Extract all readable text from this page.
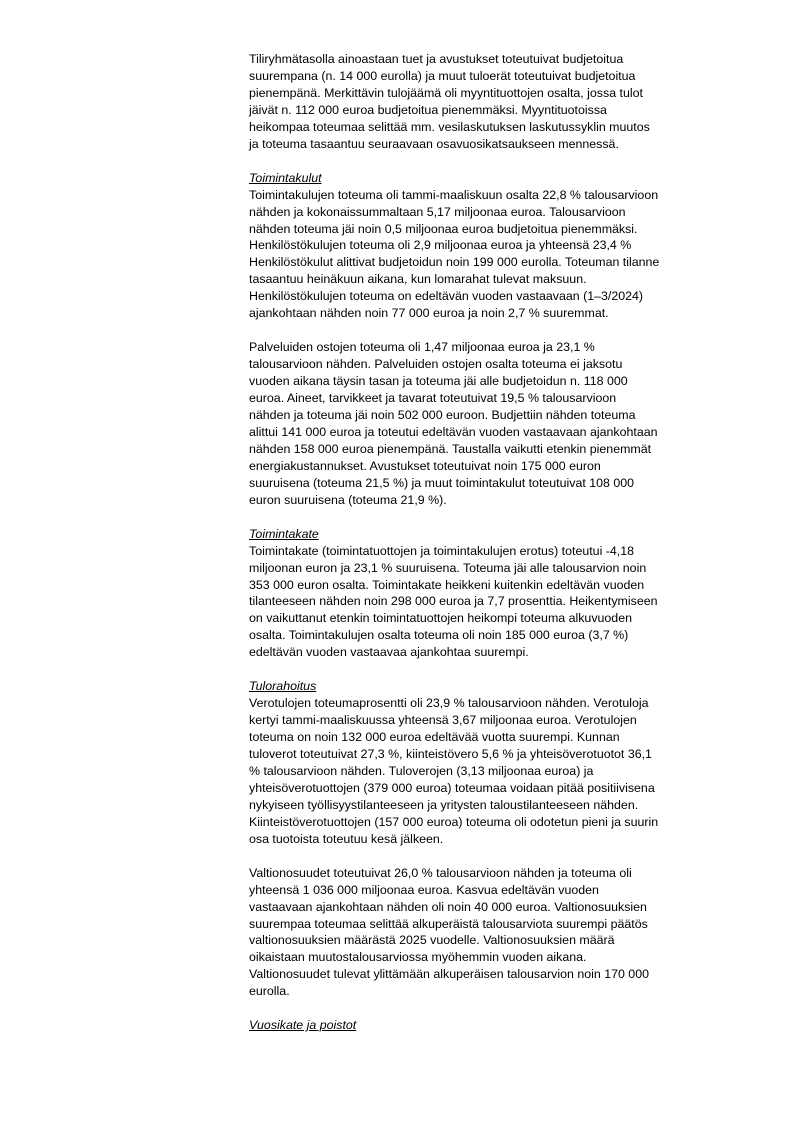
Tiliryhmätasolla ainoastaan tuet ja avustukset toteutuivat budjetoitua
suurempana (n. 14 000 eurolla) ja muut tuloerät toteutuivat budjetoitua
pienempänä. Merkittävin tulojäämä oli myyntituottojen osalta, jossa tulot
jäivät n. 112 000 euroa budjetoitua pienemmäksi. Myyntituotoissa
heikompaa toteumaa selittää mm. vesilaskutuksen laskutussyklin muutos
ja toteuma tasaantuu seuraavaan osavuosikatsaukseen mennessä.
Toimintakulut
Toimintakulujen toteuma oli tammi-maaliskuun osalta 22,8 % talousarvioon
nähden ja kokonaissummaltaan 5,17 miljoonaa euroa. Talousarvioon
nähden toteuma jäi noin 0,5 miljoonaa euroa budjetoitua pienemmäksi.
Henkilöstökulujen toteuma oli 2,9 miljoonaa euroa ja yhteensä 23,4 %
Henkilöstökulut alittivat budjetoidun noin 199 000 eurolla. Toteuman tilanne
tasaantuu heinäkuun aikana, kun lomarahat tulevat maksuun.
Henkilöstökulujen toteuma on edeltävän vuoden vastaavaan (1–3/2024)
ajankohtaan nähden noin 77 000 euroa ja noin 2,7 % suuremmat.
Palveluiden ostojen toteuma oli 1,47 miljoonaa euroa ja 23,1 %
talousarvioon nähden. Palveluiden ostojen osalta toteuma ei jaksotu
vuoden aikana täysin tasan ja toteuma jäi alle budjetoidun n. 118 000
euroa. Aineet, tarvikkeet ja tavarat toteutuivat 19,5 % talousarvioon
nähden ja toteuma jäi noin 502 000 euroon. Budjettiin nähden toteuma
alittui 141 000 euroa ja toteutui edeltävän vuoden vastaavaan ajankohtaan
nähden 158 000 euroa pienempänä. Taustalla vaikutti etenkin pienemmät
energiakustannukset. Avustukset toteutuivat noin 175 000 euron
suuruisena (toteuma 21,5 %) ja muut toimintakulut toteutuivat 108 000
euron suuruisena (toteuma 21,9 %).
Toimintakate
Toimintakate (toimintatuottojen ja toimintakulujen erotus) toteutui -4,18
miljoonan euron ja 23,1 % suuruisena. Toteuma jäi alle talousarvion noin
353 000 euron osalta. Toimintakate heikkeni kuitenkin edeltävän vuoden
tilanteeseen nähden noin 298 000 euroa ja 7,7 prosenttia. Heikentymiseen
on vaikuttanut etenkin toimintatuottojen heikompi toteuma alkuvuoden
osalta. Toimintakulujen osalta toteuma oli noin 185 000 euroa (3,7 %)
edeltävän vuoden vastaavaa ajankohtaa suurempi.
Tulorahoitus
Verotulojen toteumaprosentti oli 23,9 % talousarvioon nähden. Verotuloja
kertyi tammi-maaliskuussa yhteensä 3,67 miljoonaa euroa. Verotulojen
toteuma on noin 132 000 euroa edeltävää vuotta suurempi. Kunnan
tuloverot toteutuivat 27,3 %, kiinteistövero 5,6 % ja yhteisöverotuotot 36,1
% talousarvioon nähden. Tuloverojen (3,13 miljoonaa euroa) ja
yhteisöverotuottojen (379 000 euroa) toteumaa voidaan pitää positiivisena
nykyiseen työllisyystilanteeseen ja yritysten taloustilanteeseen nähden.
Kiinteistöverotuottojen (157 000 euroa) toteuma oli odotetun pieni ja suurin
osa tuotoista toteutuu kesä jälkeen.
Valtionosuudet toteutuivat 26,0 % talousarvioon nähden ja toteuma oli
yhteensä 1 036 000 miljoonaa euroa. Kasvua edeltävän vuoden
vastaavaan ajankohtaan nähden oli noin 40 000 euroa. Valtionosuuksien
suurempaa toteumaa selittää alkuperäistä talousarviota suurempi päätös
valtionosuuksien määrästä 2025 vuodelle. Valtionosuuksien määrä
oikaistaan muutostalousarviossa myöhemmin vuoden aikana.
Valtionosuudet tulevat ylittämään alkuperäisen talousarvion noin 170 000
eurolla.
Vuosikate ja poistot
